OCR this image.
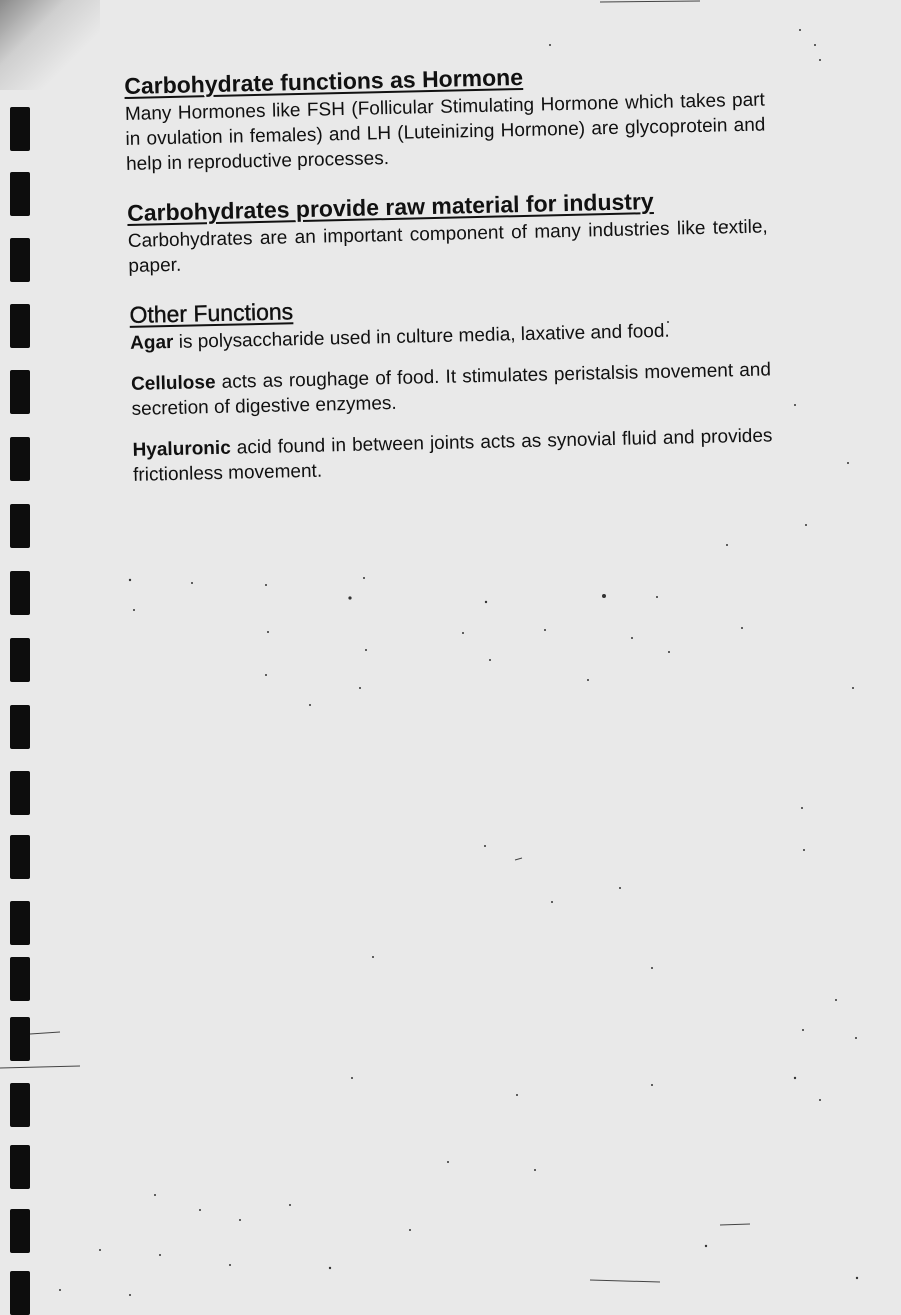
Carbohydrate functions as Hormone

Many Hormones like FSH (Follicular Stimulating Hormone which takes part in ovulation in females) and LH (Luteinizing Hormone) are glycoprotein and help in reproductive processes.

Carbohydrates provide raw material for industry

Carbohydrates are an important component of many industries like textile, paper.

Other Functions

Agar is polysaccharide used in culture media, laxative and food.

Cellulose acts as roughage of food. It stimulates peristalsis movement and secretion of digestive enzymes.

Hyaluronic acid found in between joints acts as synovial fluid and provides frictionless movement.
